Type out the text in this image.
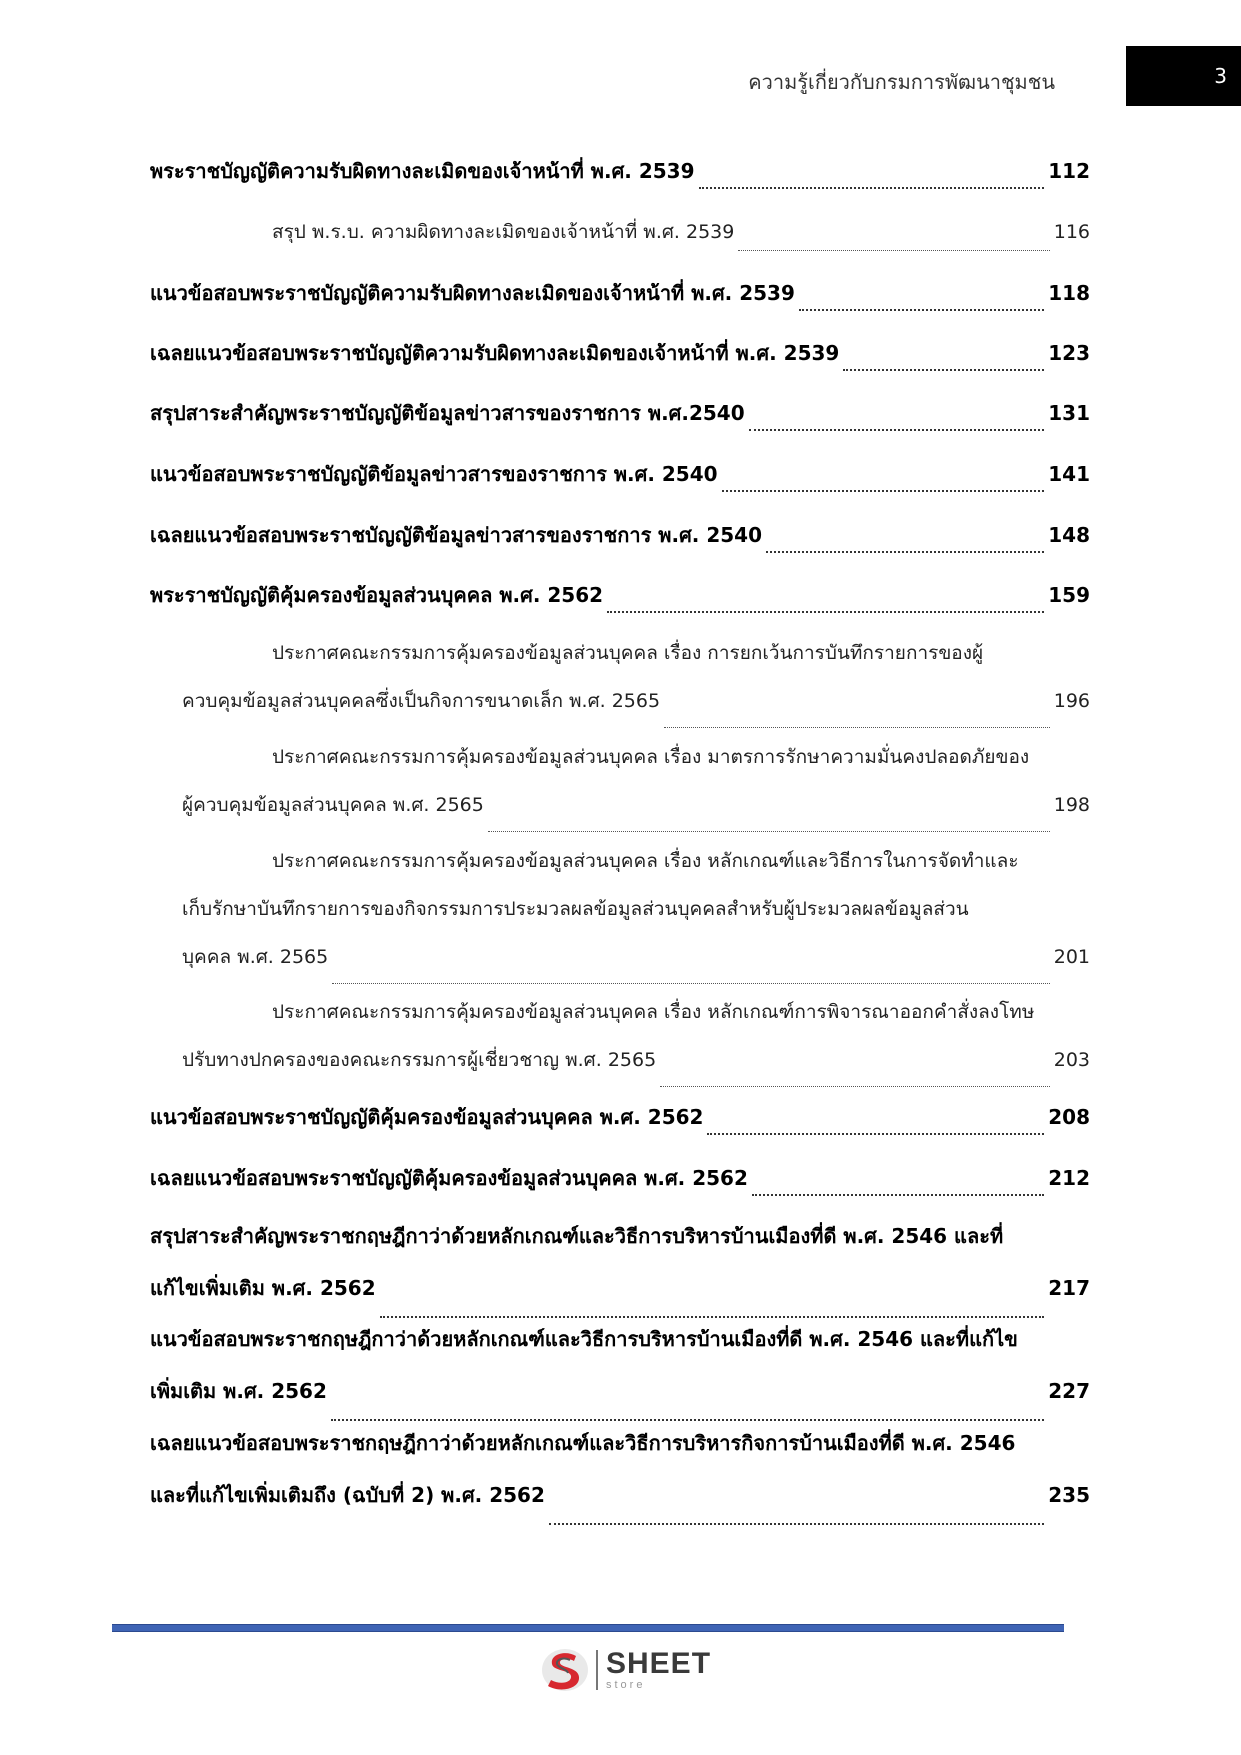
ความรู้เกี่ยวกับกรมการพัฒนาชุมชน	3
พระราชบัญญัติความรับผิดทางละเมิดของเจ้าหน้าที่ พ.ศ. 2539	112
สรุป พ.ร.บ. ความผิดทางละเมิดของเจ้าหน้าที่ พ.ศ. 2539	116
แนวข้อสอบพระราชบัญญัติความรับผิดทางละเมิดของเจ้าหน้าที่ พ.ศ. 2539	118
เฉลยแนวข้อสอบพระราชบัญญัติความรับผิดทางละเมิดของเจ้าหน้าที่ พ.ศ. 2539	123
สรุปสาระสำคัญพระราชบัญญัติข้อมูลข่าวสารของราชการ พ.ศ.2540	131
แนวข้อสอบพระราชบัญญัติข้อมูลข่าวสารของราชการ พ.ศ. 2540	141
เฉลยแนวข้อสอบพระราชบัญญัติข้อมูลข่าวสารของราชการ พ.ศ. 2540	148
พระราชบัญญัติคุ้มครองข้อมูลส่วนบุคคล พ.ศ. 2562	159
ประกาศคณะกรรมการคุ้มครองข้อมูลส่วนบุคคล เรื่อง การยกเว้นการบันทึกรายการของผู้
ควบคุมข้อมูลส่วนบุคคลซึ่งเป็นกิจการขนาดเล็ก พ.ศ. 2565	196
ประกาศคณะกรรมการคุ้มครองข้อมูลส่วนบุคคล เรื่อง มาตรการรักษาความมั่นคงปลอดภัยของ
ผู้ควบคุมข้อมูลส่วนบุคคล พ.ศ. 2565	198
ประกาศคณะกรรมการคุ้มครองข้อมูลส่วนบุคคล เรื่อง หลักเกณฑ์และวิธีการในการจัดทำและ
เก็บรักษาบันทึกรายการของกิจกรรมการประมวลผลข้อมูลส่วนบุคคลสำหรับผู้ประมวลผลข้อมูลส่วน
บุคคล พ.ศ. 2565	201
ประกาศคณะกรรมการคุ้มครองข้อมูลส่วนบุคคล เรื่อง หลักเกณฑ์การพิจารณาออกคำสั่งลงโทษ
ปรับทางปกครองของคณะกรรมการผู้เชี่ยวชาญ พ.ศ. 2565	203
แนวข้อสอบพระราชบัญญัติคุ้มครองข้อมูลส่วนบุคคล พ.ศ. 2562	208
เฉลยแนวข้อสอบพระราชบัญญัติคุ้มครองข้อมูลส่วนบุคคล พ.ศ. 2562	212
สรุปสาระสำคัญพระราชกฤษฎีกาว่าด้วยหลักเกณฑ์และวิธีการบริหารบ้านเมืองที่ดี พ.ศ. 2546 และที่
แก้ไขเพิ่มเติม พ.ศ. 2562	217
แนวข้อสอบพระราชกฤษฎีกาว่าด้วยหลักเกณฑ์และวิธีการบริหารบ้านเมืองที่ดี พ.ศ. 2546 และที่แก้ไข
เพิ่มเติม พ.ศ. 2562	227
เฉลยแนวข้อสอบพระราชกฤษฎีกาว่าด้วยหลักเกณฑ์และวิธีการบริหารกิจการบ้านเมืองที่ดี พ.ศ. 2546
และที่แก้ไขเพิ่มเติมถึง (ฉบับที่ 2) พ.ศ. 2562	235
SHEET
store
